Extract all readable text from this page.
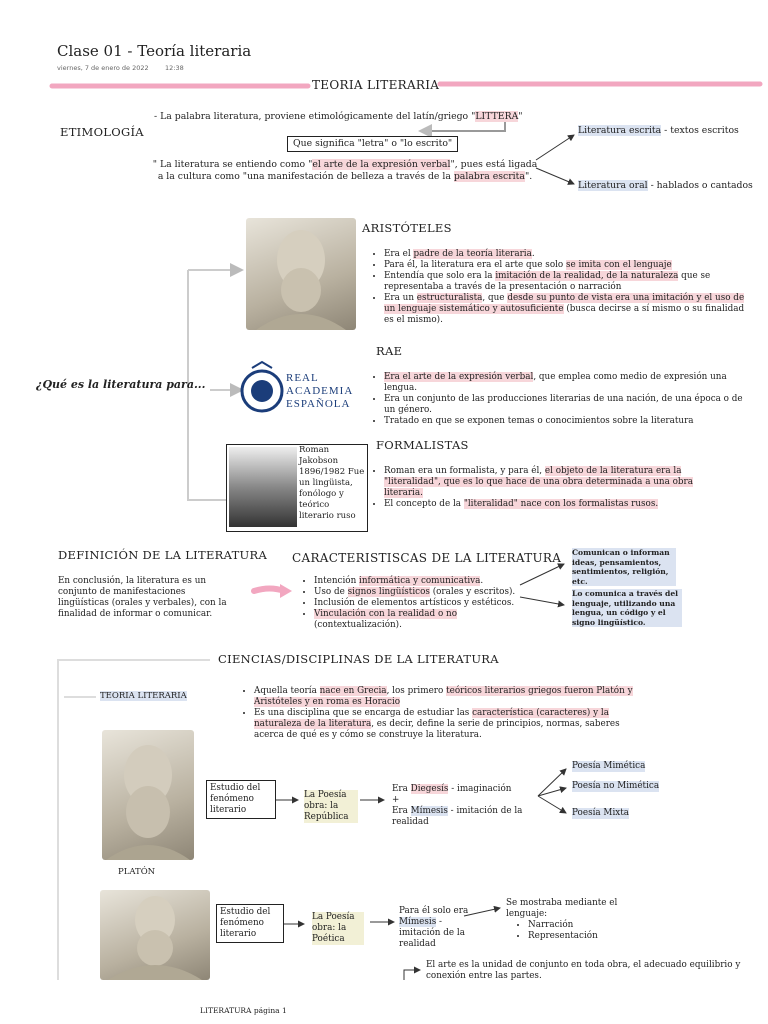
Clase 01 - Teoría literaria
viernes, 7 de enero de 2022	12:38
TEORIA LITERARIA
ETIMOLOGÍA
- La palabra literatura, proviene etimológicamente del latín/griego "LITTERA"
Que significa "letra" o "lo escrito"
" La literatura se entiendo como "el arte de la expresión verbal", pues está ligada a la cultura como "una manifestación de belleza a través de la palabra escrita".
Literatura escrita - textos escritos
Literatura oral - hablados o cantados
¿Qué es la literatura para...
ARISTÓTELES
• Era el padre de la teoría literaria.
• Para él, la literatura era el arte que solo se imita con el lenguaje
• Entendía que solo era la imitación de la realidad, de la naturaleza que se representaba a través de la presentación o narración
• Era un estructuralista, que desde su punto de vista era una imitación y el uso de un lenguaje sistemático y autosuficiente (busca decirse a sí mismo o su finalidad es el mismo).
RAE
REAL
ACADEMIA
ESPAÑOLA
• Era el arte de la expresión verbal, que emplea como medio de expresión una lengua.
• Era un conjunto de las producciones literarias de una nación, de una época o de un género.
• Tratado en que se exponen temas o conocimientos sobre la literatura
FORMALISTAS
Roman Jakobson 1896/1982 Fue un lingüista, fonólogo y teórico literario ruso
• Roman era un formalista, y para él, el objeto de la literatura era la "literalidad", que es lo que hace de una obra determinada a una obra literaria.
• El concepto de la "literalidad" nace con los formalistas rusos.
DEFINICIÓN DE LA LITERATURA
En conclusión, la literatura es un conjunto de manifestaciones lingüísticas (orales y verbales), con la finalidad de informar o comunicar.
CARACTERISTISCAS DE LA LITERATURA
• Intención informática y comunicativa.
• Uso de signos lingüísticos (orales y escritos).
• Inclusión de elementos artísticos y estéticos.
• Vinculación con la realidad o no (contextualización).
Comunican o informan ideas, pensamientos, sentimientos, religión, etc.
Lo comunica a través del lenguaje, utilizando una lengua, un código y el signo lingüístico.
CIENCIAS/DISCIPLINAS DE LA LITERATURA
TEORIA LITERARIA
•	Aquella teoría nace en Grecia, los primero teóricos literarios griegos fueron Platón y Aristóteles y en roma es Horacio
• Es una disciplina que se encarga de estudiar las característica (caracteres) y la naturaleza de la literatura, es decir, define la serie de principios, normas, saberes acerca de qué es y cómo se construye la literatura.
PLATÓN
Estudio del fenómeno literario
La Poesía obra: la República
Era Diegesís - imaginación
+
Era Mímesis - imitación de la realidad
Poesía Mimética
Poesía no Mimética
Poesía Mixta
Estudio del fenómeno literario
La Poesía obra: la Poética
Para él solo era Mímesis - imitación de la realidad
Se mostraba mediante el lenguaje:
• Narración
• Representación
El arte es la unidad de conjunto en toda obra, el adecuado equilibrio y conexión entre las partes.
LITERATURA página 1
